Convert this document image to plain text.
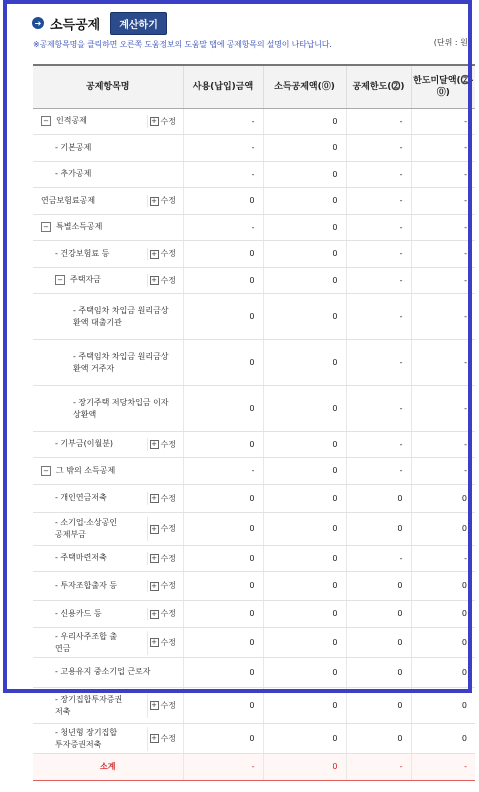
➔ 소득공제	계산하기
※공제항목명을 클릭하면 오른쪽 도움정보의 도움말 탭에 공제항목의 설명이 나타납니다.	(단위 : 원)
공제항목명	사용(납입)금액	소득공제액(⓪)	공제한도(⓶)	한도미달액(⓶-⓪)

− 인적공제 + 수정	-	0	-	-

- 기본공제	-	0	-	-

- 추가공제	-	0	-	-

연금보험료공제 + 수정	0	0	-	-

− 특별소득공제	-	0	-	-

- 건강보험료 등 + 수정	0	0	-	-

− 주택자금 + 수정	0	0	-	-

- 주택임차 차입금 원리금상환액 대출기관	0	0	-	-

- 주택임차 차입금 원리금상환액 거주자	0	0	-	-

- 장기주택 저당차입금 이자상환액	0	0	-	-

- 기부금(이월분) + 수정	0	0	-	-

− 그 밖의 소득공제	-	0	-	-

- 개인연금저축 + 수정	0	0	0	0

- 소기업·소상공인 공제부금
+ 수정	0	0	0	0

- 주택마련저축 + 수정	0	0	-	-

- 투자조합출자 등 + 수정	0	0	0	0

- 신용카드 등 + 수정	0	0	0	0

- 우리사주조합 출연금
+ 수정	0	0	0	0

- 고용유지 중소기업 근로자	0	0	0	0

- 장기집합투자증권저축
+ 수정	0	0	0	0

- 청년형 장기집합투자증권저축
+ 수정	0	0	0	0
소계	-	0	-	-
